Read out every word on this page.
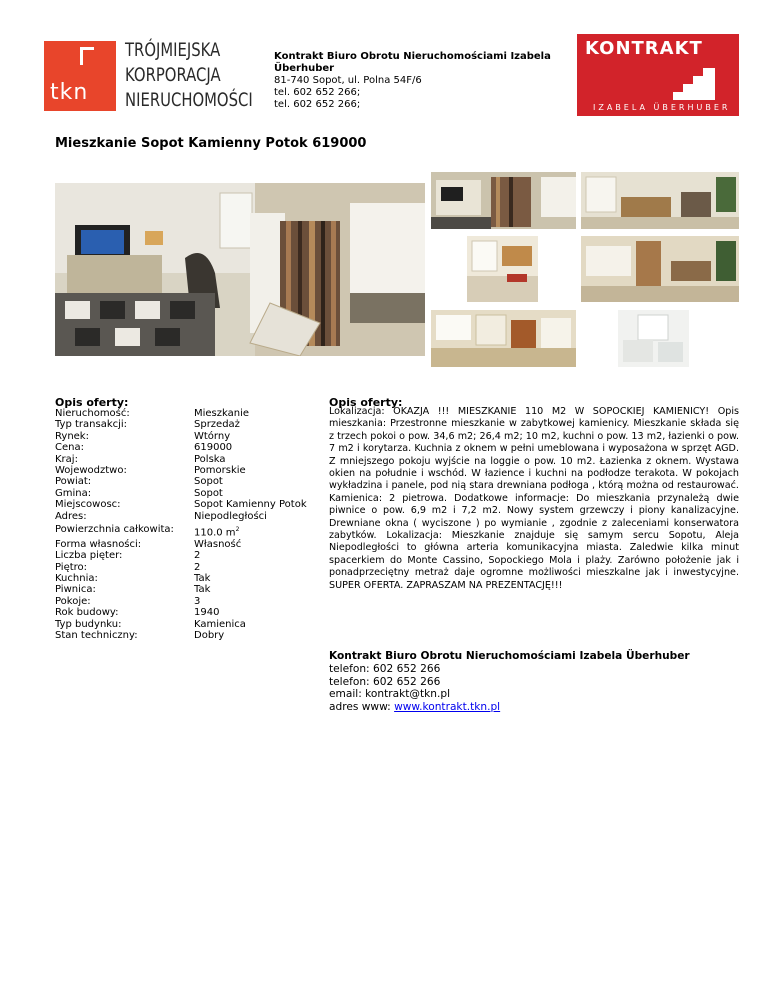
tkn
TRÓJMIEJSKA
KORPORACJA
NIERUCHOMOŚCI
Kontrakt Biuro Obrotu Nieruchomościami Izabela Überhuber
81-740 Sopot, ul. Polna 54F/6
tel. 602 652 266;
tel. 602 652 266;
KONTRAKT
IZABELA ÜBERHUBER
Mieszkanie Sopot Kamienny Potok 619000
Opis oferty:
Nieruchomość:	Mieszkanie
Typ transakcji:	Sprzedaż
Rynek:	Wtórny
Cena:	619000
Kraj:	Polska
Wojewodztwo:	Pomorskie
Powiat:	Sopot
Gmina:	Sopot
Miejscowosc:	Sopot Kamienny Potok
Adres:	Niepodległości
Powierzchnia całkowita:	110.0 $m^2$
Forma własności:	Własność
Liczba pięter:	2
Piętro:	2
Kuchnia:	Tak
Piwnica:	Tak
Pokoje:	3
Rok budowy:	1940
Typ budynku:	Kamienica
Stan techniczny:	Dobry
Opis oferty:
Lokalizacja: OKAZJA !!! MIESZKANIE 110 M2 W SOPOCKIEJ KAMIENICY! Opis mieszkania: Przestronne mieszkanie w zabytkowej kamienicy. Mieszkanie składa się z trzech pokoi o pow. 34,6 m2; 26,4 m2; 10 m2, kuchni o pow. 13 m2, łazienki o pow. 7 m2 i korytarza. Kuchnia z oknem w pełni umeblowana i wyposażona w sprzęt AGD. Z mniejszego pokoju wyjście na loggie o pow. 10 m2. Łazienka z oknem. Wystawa okien na południe i wschód. W łazience i kuchni na podłodze terakota. W pokojach wykładzina i panele, pod nią stara drewniana podłoga , którą można od restaurować. Kamienica: 2 pietrowa. Dodatkowe informacje: Do mieszkania przynależą dwie piwnice o pow. 6,9 m2 i 7,2 m2. Nowy system grzewczy i piony kanalizacyjne. Drewniane okna ( wyciszone ) po wymianie , zgodnie z zaleceniami konserwatora zabytków. Lokalizacja: Mieszkanie znajduje się samym sercu Sopotu, Aleja Niepodległości to główna arteria komunikacyjna miasta. Zaledwie kilka minut spacerkiem do Monte Cassino, Sopockiego Mola i plaży. Zarówno położenie jak i ponadprzeciętny metraż daje ogromne możliwości mieszkalne jak i inwestycyjne. SUPER OFERTA. ZAPRASZAM NA PREZENTACJĘ!!!
Kontrakt Biuro Obrotu Nieruchomościami Izabela Überhuber
telefon: 602 652 266
telefon: 602 652 266
email: kontrakt@tkn.pl
adres www: www.kontrakt.tkn.pl
